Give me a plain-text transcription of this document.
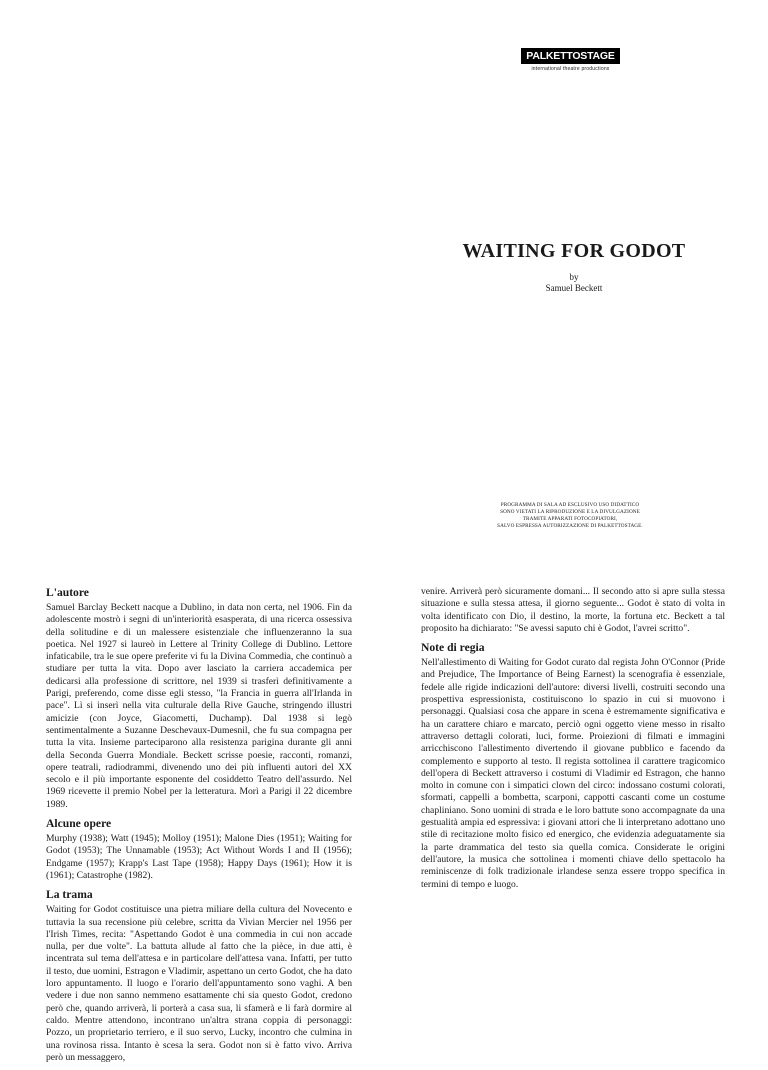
PALKETTOSTAGE
international theatre productions
WAITING FOR GODOT
by
Samuel Beckett
PROGRAMMA DI SALA AD ESCLUSIVO USO DIDATTICO
SONO VIETATI LA RIPRODUZIONE E LA DIVULGAZIONE
TRAMITE APPARATI FOTOCOPIATORI,
SALVO ESPRESSA AUTORIZZAZIONE DI PALKETTOSTAGE.
L'autore

Samuel Barclay Beckett nacque a Dublino, in data non certa, nel 1906. Fin da adolescente mostrò i segni di un'interiorità esasperata, di una ricerca ossessiva della solitudine e di un malessere esistenziale che influenzeranno la sua poetica. Nel 1927 si laureò in Lettere al Trinity College di Dublino. Lettore infaticabile, tra le sue opere preferite vi fu la Divina Commedia, che continuò a studiare per tutta la vita. Dopo aver lasciato la carriera accademica per dedicarsi alla professione di scrittore, nel 1939 si trasferì definitivamente a Parigi, preferendo, come disse egli stesso, "la Francia in guerra all'Irlanda in pace". Lì si inserì nella vita culturale della Rive Gauche, stringendo illustri amicizie (con Joyce, Giacometti, Duchamp). Dal 1938 si legò sentimentalmente a Suzanne Deschevaux-Dumesnil, che fu sua compagna per tutta la vita. Insieme parteciparono alla resistenza parigina durante gli anni della Seconda Guerra Mondiale. Beckett scrisse poesie, racconti, romanzi, opere teatrali, radiodrammi, divenendo uno dei più influenti autori del XX secolo e il più importante esponente del cosiddetto Teatro dell'assurdo. Nel 1969 ricevette il premio Nobel per la letteratura. Morì a Parigi il 22 dicembre 1989.

Alcune opere

Murphy (1938); Watt (1945); Molloy (1951); Malone Dies (1951); Waiting for Godot (1953); The Unnamable (1953); Act Without Words I and II (1956); Endgame (1957); Krapp's Last Tape (1958); Happy Days (1961); How it is (1961); Catastrophe (1982).

La trama

Waiting for Godot costituisce una pietra miliare della cultura del Novecento e tuttavia la sua recensione più celebre, scritta da Vivian Mercier nel 1956 per l'Irish Times, recita: "Aspettando Godot è una commedia in cui non accade nulla, per due volte". La battuta allude al fatto che la pièce, in due atti, è incentrata sul tema dell'attesa e in particolare dell'attesa vana. Infatti, per tutto il testo, due uomini, Estragon e Vladimir, aspettano un certo Godot, che ha dato loro appuntamento. Il luogo e l'orario dell'appuntamento sono vaghi. A ben vedere i due non sanno nemmeno esattamente chi sia questo Godot, credono però che, quando arriverà, li porterà a casa sua, li sfamerà e li farà dormire al caldo. Mentre attendono, incontrano un'altra strana coppia di personaggi: Pozzo, un proprietario terriero, e il suo servo, Lucky, incontro che culmina in una rovinosa rissa. Intanto è scesa la sera. Godot non si è fatto vivo. Arriva però un messaggero,

venire. Arriverà però sicuramente domani... Il secondo atto si apre sulla stessa situazione e sulla stessa attesa, il giorno seguente... Godot è stato di volta in volta identificato con Dio, il destino, la morte, la fortuna etc. Beckett a tal proposito ha dichiarato: "Se avessi saputo chi è Godot, l'avrei scritto".

Note di regia

Nell'allestimento di Waiting for Godot curato dal regista John O'Connor (Pride and Prejudice, The Importance of Being Earnest) la scenografia è essenziale, fedele alle rigide indicazioni dell'autore: diversi livelli, costruiti secondo una prospettiva espressionista, costituiscono lo spazio in cui si muovono i personaggi. Qualsiasi cosa che appare in scena è estremamente significativa e ha un carattere chiaro e marcato, perciò ogni oggetto viene messo in risalto attraverso dettagli colorati, luci, forme. Proiezioni di filmati e immagini arricchiscono l'allestimento divertendo il giovane pubblico e facendo da complemento e supporto al testo. Il regista sottolinea il carattere tragicomico dell'opera di Beckett attraverso i costumi di Vladimir ed Estragon, che hanno molto in comune con i simpatici clown del circo: indossano costumi colorati, sformati, cappelli a bombetta, scarponi, cappotti cascanti come un costume chapliniano. Sono uomini di strada e le loro battute sono accompagnate da una gestualità ampia ed espressiva: i giovani attori che li interpretano adottano uno stile di recitazione molto fisico ed energico, che evidenzia adeguatamente sia la parte drammatica del testo sia quella comica. Considerate le origini dell'autore, la musica che sottolinea i momenti chiave dello spettacolo ha reminiscenze di folk tradizionale irlandese senza essere troppo specifica in termini di tempo e luogo.
